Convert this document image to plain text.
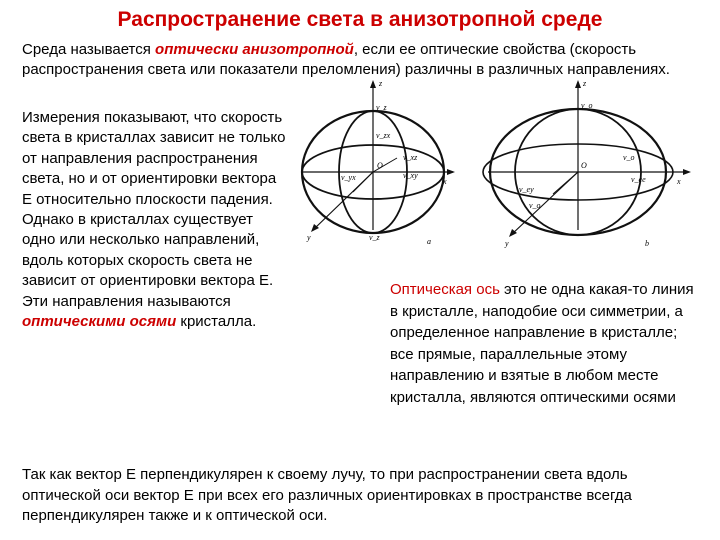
Распространение света в анизотропной среде
Среда называется оптически анизотропной, если ее оптические свойства (скорость распространения света или показатели преломления) различны в различных направлениях.
Измерения показывают, что скорость света в кристаллах зависит не только от направления распространения света, но и от ориентировки вектора E относительно плоскости падения. Однако в кристаллах существует одно или несколько направлений, вдоль которых скорость света не зависит от ориентировки вектора E. Эти направления называются оптическими осями кристалла.
z
x
y
O
v_z
v_zx
v_xz
v_xy
v_yx
v_z	a
z
x
y
O
v_o
v_ee
v_o
v_ey
v_o
b
Оптическая ось это не одна какая-то линия в кристалле, наподобие оси симметрии, а определенное направление в кристалле; все прямые, параллельные этому направлению и взятые в любом месте кристалла, являются оптическими осями
Так как вектор E перпендикулярен к своему лучу, то при распространении света вдоль оптической оси вектор E при всех его различных ориентировках в пространстве всегда перпендикулярен также и к оптической оси.
